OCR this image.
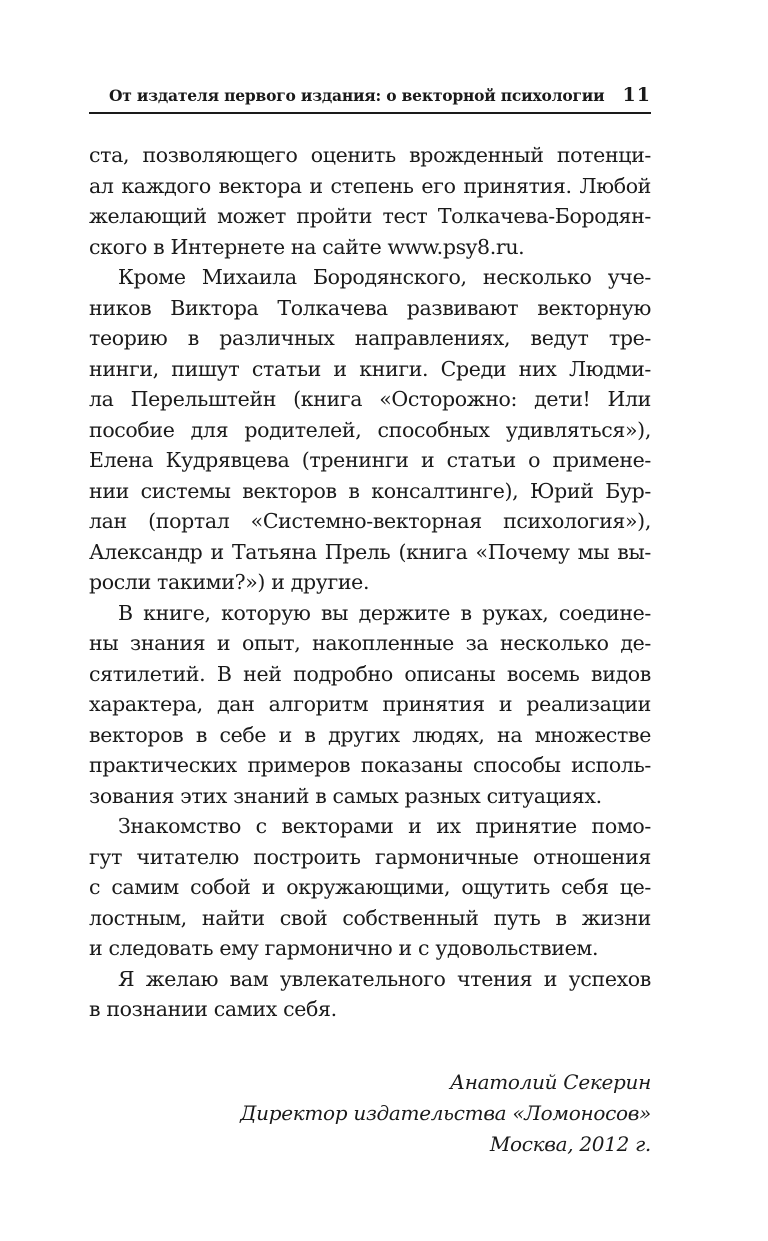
От издателя первого издания: о векторной психологии 11
ста, позволяющего оценить врожденный потенци-
ал каждого вектора и степень его принятия. Любой
желающий может пройти тест Толкачева-Бородян-
ского в Интернете на сайте www.psy8.ru.
Кроме Михаила Бородянского, несколько уче-
ников Виктора Толкачева развивают векторную
теорию в различных направлениях, ведут тре-
нинги, пишут статьи и книги. Среди них Людми-
ла Перельштейн (книга «Осторожно: дети! Или
пособие для родителей, способных удивляться»),
Елена Кудрявцева (тренинги и статьи о примене-
нии системы векторов в консалтинге), Юрий Бур-
лан (портал «Системно-векторная психология»),
Александр и Татьяна Прель (книга «Почему мы вы-
росли такими?») и другие.
В книге, которую вы держите в руках, соедине-
ны знания и опыт, накопленные за несколько де-
сятилетий. В ней подробно описаны восемь видов
характера, дан алгоритм принятия и реализации
векторов в себе и в других людях, на множестве
практических примеров показаны способы исполь-
зования этих знаний в самых разных ситуациях.
Знакомство с векторами и их принятие помо-
гут читателю построить гармоничные отношения
с самим собой и окружающими, ощутить себя це-
лостным, найти свой собственный путь в жизни
и следовать ему гармонично и с удовольствием.
Я желаю вам увлекательного чтения и успехов
в познании самих себя.
Анатолий Секерин
Директор издательства «Ломоносов»
Москва, 2012 г.
